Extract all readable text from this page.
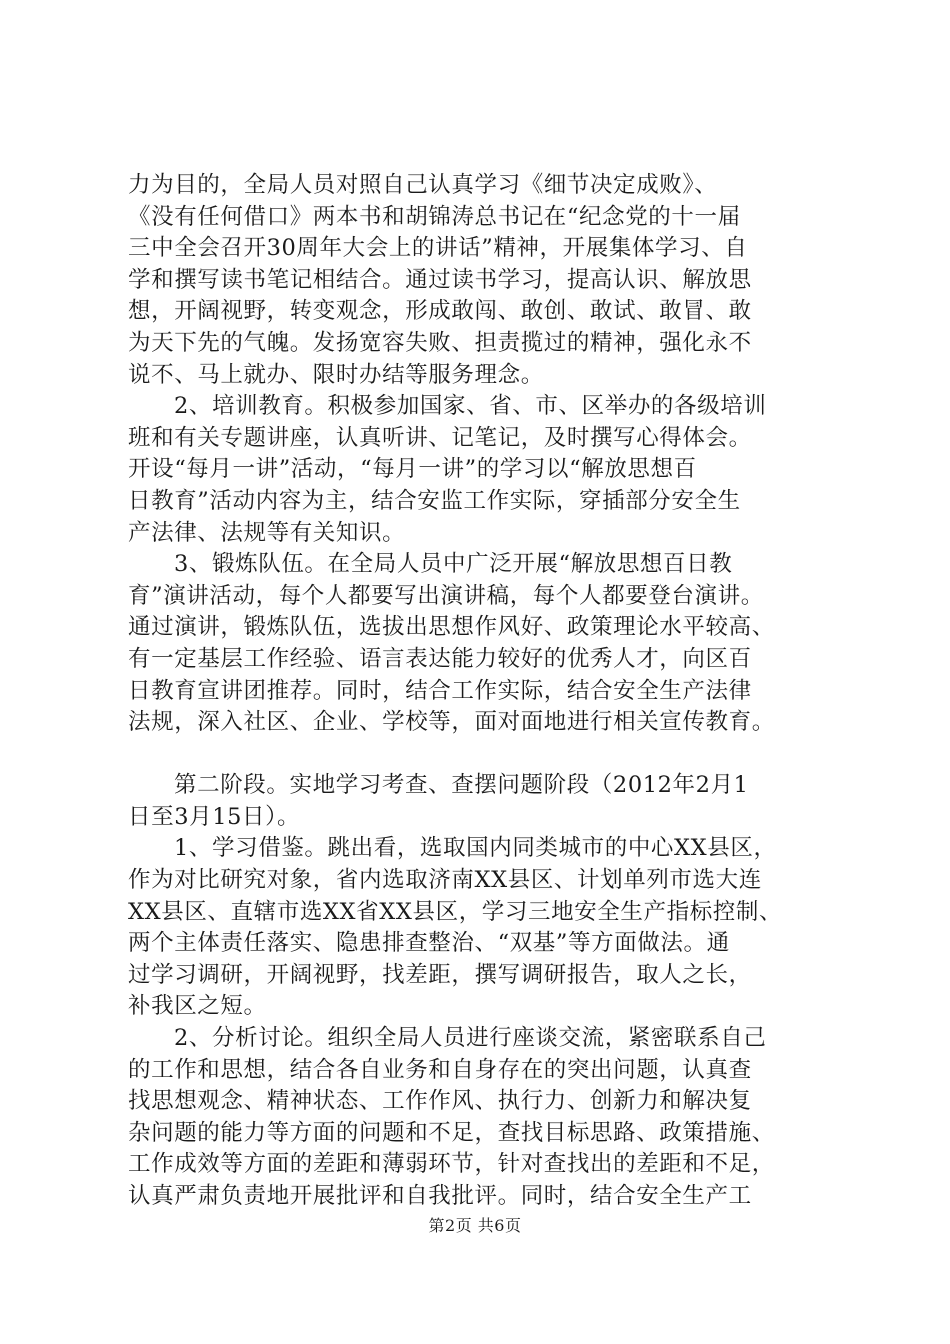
力为目的，全局人员对照自己认真学习《细节决定成败》、
《没有任何借口》两本书和胡锦涛总书记在“纪念党的十一届
三中全会召开30周年大会上的讲话”精神，开展集体学习、自
学和撰写读书笔记相结合。通过读书学习，提高认识、解放思
想，开阔视野，转变观念，形成敢闯、敢创、敢试、敢冒、敢
为天下先的气魄。发扬宽容失败、担责揽过的精神，强化永不
说不、马上就办、限时办结等服务理念。
2、培训教育。积极参加国家、省、市、区举办的各级培训
班和有关专题讲座，认真听讲、记笔记，及时撰写心得体会。
开设“每月一讲”活动，“每月一讲”的学习以“解放思想百
日教育”活动内容为主，结合安监工作实际，穿插部分安全生
产法律、法规等有关知识。
3、锻炼队伍。在全局人员中广泛开展“解放思想百日教
育”演讲活动，每个人都要写出演讲稿，每个人都要登台演讲。
通过演讲，锻炼队伍，选拔出思想作风好、政策理论水平较高、
有一定基层工作经验、语言表达能力较好的优秀人才，向区百
日教育宣讲团推荐。同时，结合工作实际，结合安全生产法律
法规，深入社区、企业、学校等，面对面地进行相关宣传教育。
第二阶段。实地学习考查、查摆问题阶段（2012年2月1
日至3月15日）。
1、学习借鉴。跳出看，选取国内同类城市的中心XX县区，
作为对比研究对象，省内选取济南XX县区、计划单列市选大连
XX县区、直辖市选XX省XX县区，学习三地安全生产指标控制、
两个主体责任落实、隐患排查整治、“双基”等方面做法。通
过学习调研，开阔视野，找差距，撰写调研报告，取人之长，
补我区之短。
2、分析讨论。组织全局人员进行座谈交流，紧密联系自己
的工作和思想，结合各自业务和自身存在的突出问题，认真查
找思想观念、精神状态、工作作风、执行力、创新力和解决复
杂问题的能力等方面的问题和不足，查找目标思路、政策措施、
工作成效等方面的差距和薄弱环节，针对查找出的差距和不足，
认真严肃负责地开展批评和自我批评。同时，结合安全生产工
第2页 共6页
